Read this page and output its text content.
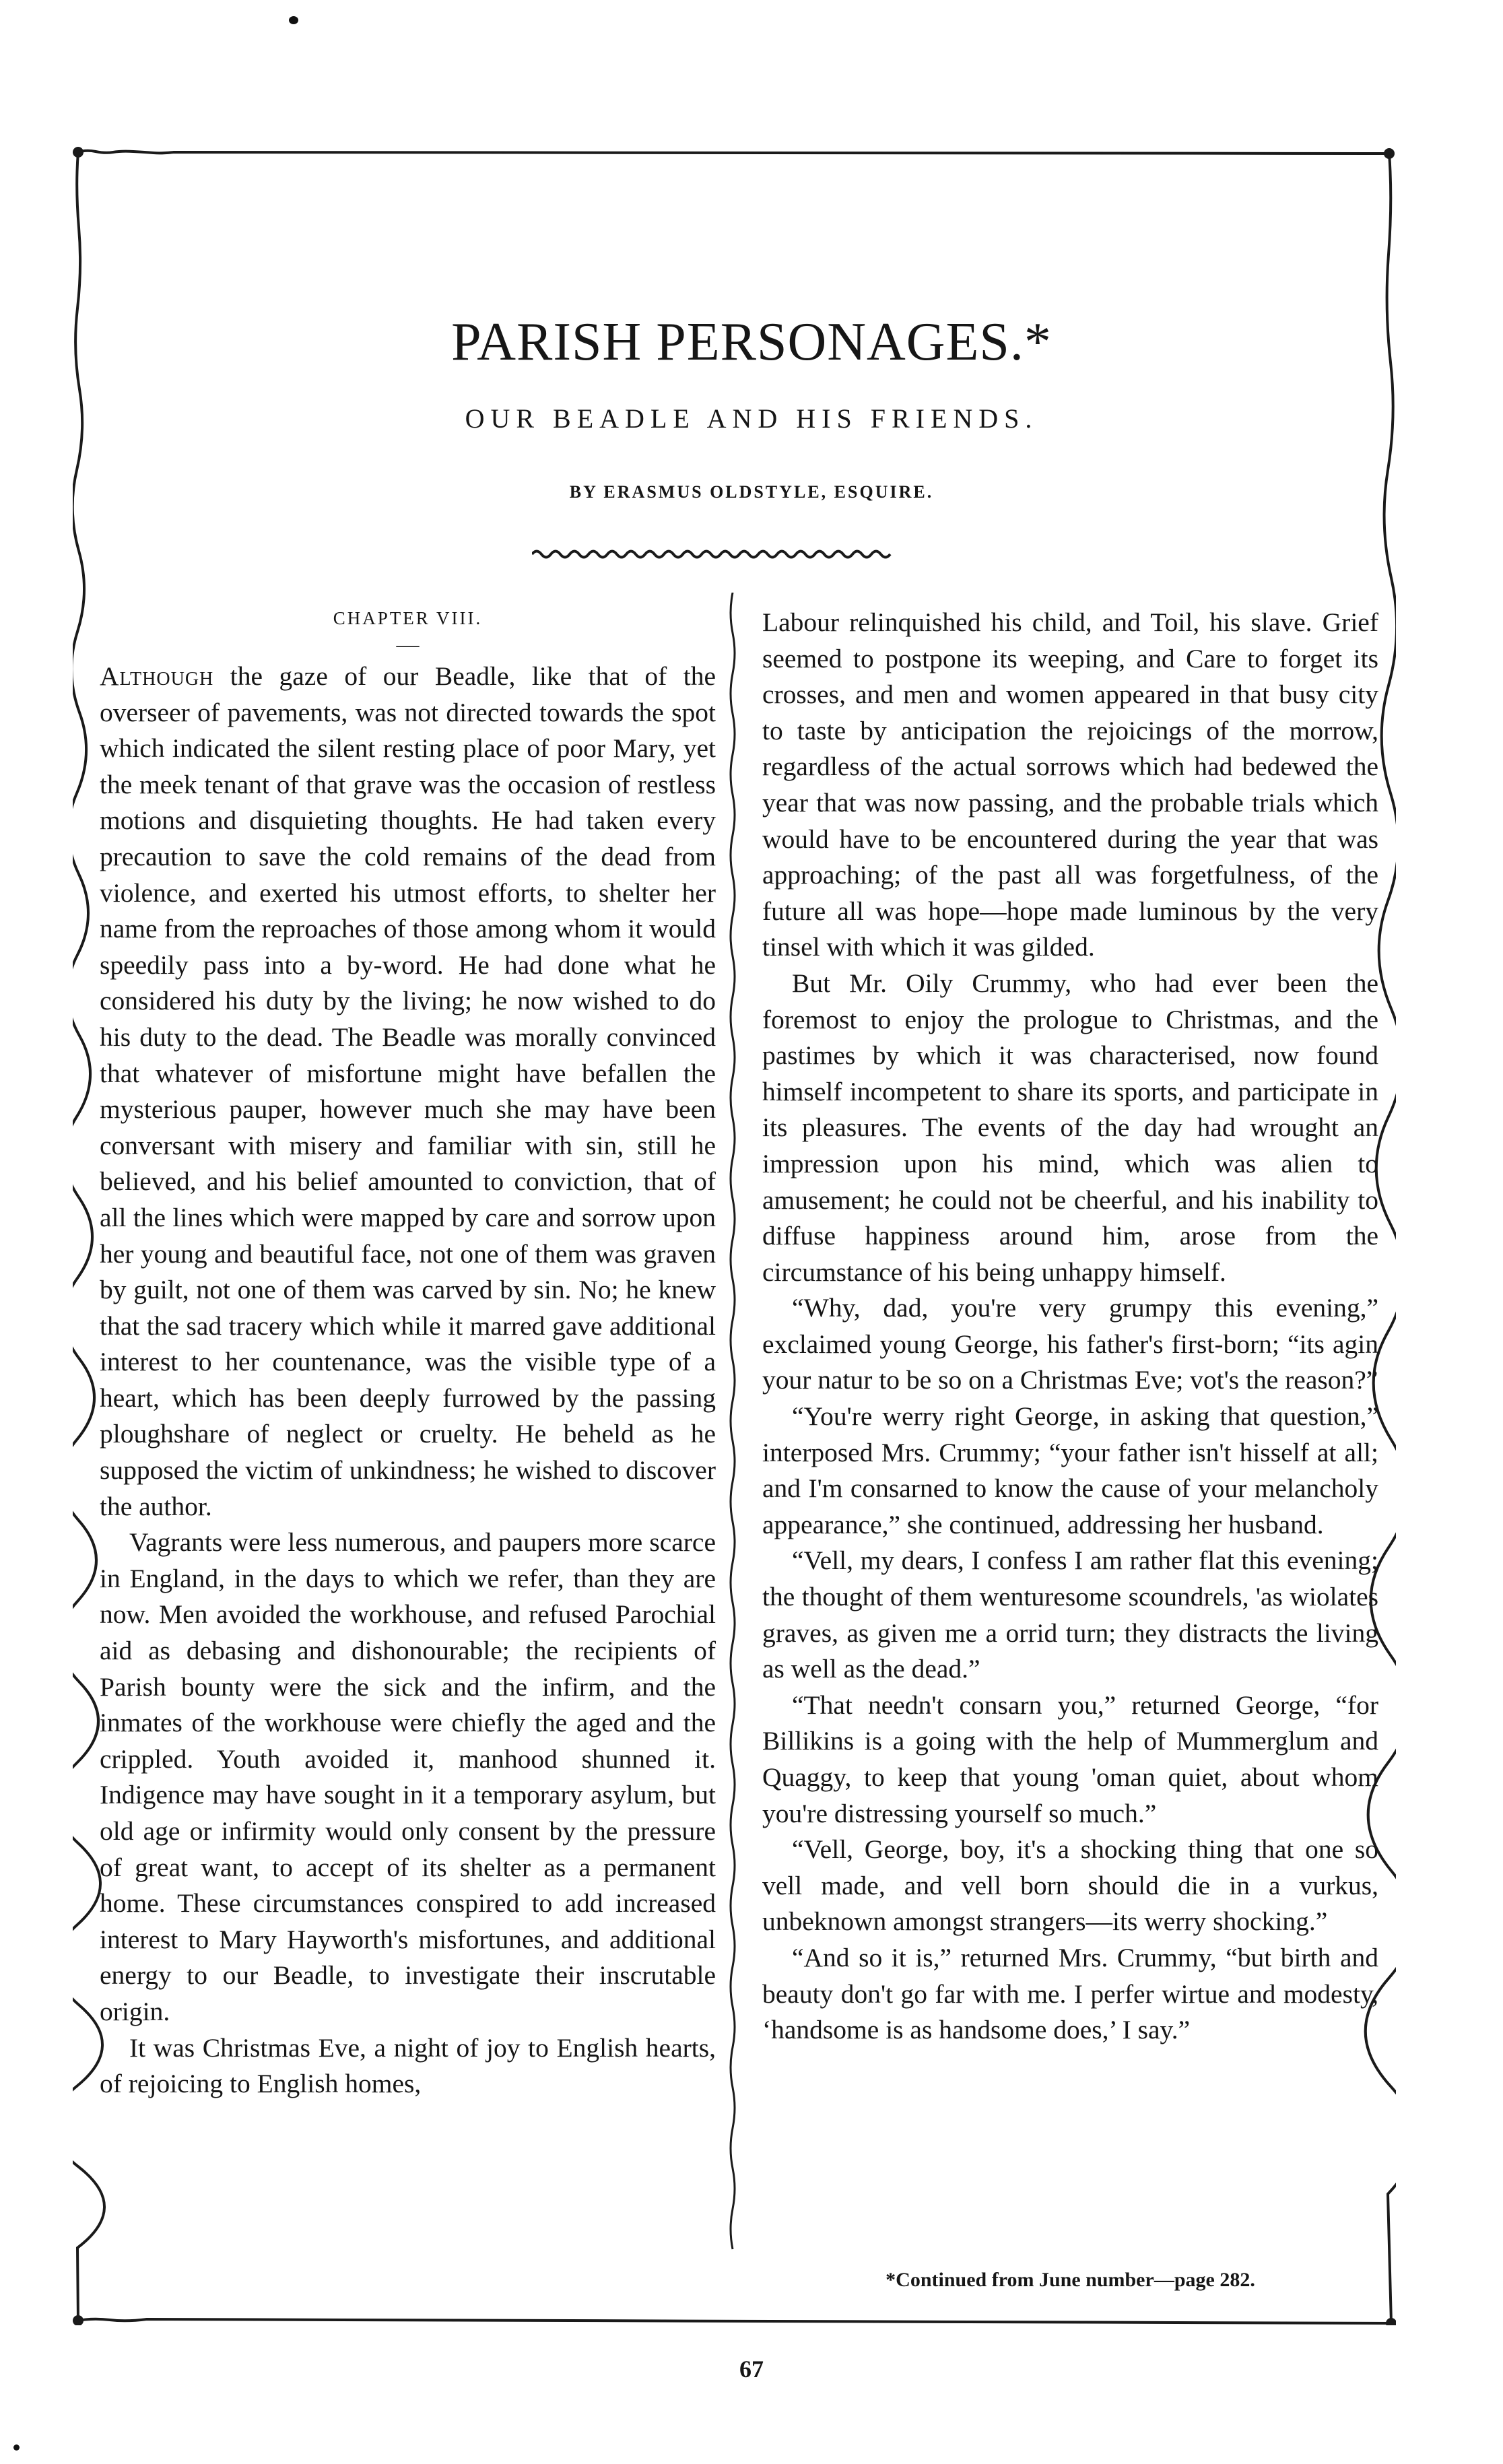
PARISH PERSONAGES.*
OUR BEADLE AND HIS FRIENDS.
BY ERASMUS OLDSTYLE, ESQUIRE.
CHAPTER VIII.
—

Although the gaze of our Beadle, like that of the overseer of pavements, was not directed towards the spot which indicated the silent resting place of poor Mary, yet the meek tenant of that grave was the occasion of restless motions and disquieting thoughts. He had taken every precaution to save the cold remains of the dead from violence, and exerted his utmost efforts, to shelter her name from the reproaches of those among whom it would speedily pass into a by-word. He had done what he considered his duty by the living; he now wished to do his duty to the dead. The Beadle was morally convinced that whatever of misfortune might have befallen the mysterious pauper, however much she may have been conversant with misery and familiar with sin, still he believed, and his belief amounted to conviction, that of all the lines which were mapped by care and sorrow upon her young and beautiful face, not one of them was graven by guilt, not one of them was carved by sin. No; he knew that the sad tracery which while it marred gave additional interest to her countenance, was the visible type of a heart, which has been deeply furrowed by the passing ploughshare of neglect or cruelty. He beheld as he supposed the victim of unkindness; he wished to discover the author.

Vagrants were less numerous, and paupers more scarce in England, in the days to which we refer, than they are now. Men avoided the workhouse, and refused Parochial aid as debasing and dishonourable; the recipients of Parish bounty were the sick and the infirm, and the inmates of the workhouse were chiefly the aged and the crippled. Youth avoided it, manhood shunned it. Indigence may have sought in it a temporary asylum, but old age or infirmity would only consent by the pressure of great want, to accept of its shelter as a permanent home. These circumstances conspired to add increased interest to Mary Hayworth's misfortunes, and additional energy to our Beadle, to investigate their inscrutable origin.

It was Christmas Eve, a night of joy to English hearts, of rejoicing to English homes,

Labour relinquished his child, and Toil, his slave. Grief seemed to postpone its weeping, and Care to forget its crosses, and men and women appeared in that busy city to taste by anticipation the rejoicings of the morrow, regardless of the actual sorrows which had bedewed the year that was now passing, and the probable trials which would have to be encountered during the year that was approaching; of the past all was forgetfulness, of the future all was hope—hope made luminous by the very tinsel with which it was gilded.

But Mr. Oily Crummy, who had ever been the foremost to enjoy the prologue to Christmas, and the pastimes by which it was characterised, now found himself incompetent to share its sports, and participate in its pleasures. The events of the day had wrought an impression upon his mind, which was alien to amusement; he could not be cheerful, and his inability to diffuse happiness around him, arose from the circumstance of his being unhappy himself.

“Why, dad, you're very grumpy this evening,” exclaimed young George, his father's first-born; “its agin your natur to be so on a Christmas Eve; vot's the reason?”

“You're werry right George, in asking that question,” interposed Mrs. Crummy; “your father isn't hisself at all; and I'm consarned to know the cause of your melancholy appearance,” she continued, addressing her husband.

“Vell, my dears, I confess I am rather flat this evening; the thought of them wenturesome scoundrels, 'as wiolates graves, as given me a orrid turn; they distracts the living as well as the dead.”

“That needn't consarn you,” returned George, “for Billikins is a going with the help of Mummerglum and Quaggy, to keep that young 'oman quiet, about whom you're distressing yourself so much.”

“Vell, George, boy, it's a shocking thing that one so vell made, and vell born should die in a vurkus, unbeknown amongst strangers—its werry shocking.”

“And so it is,” returned Mrs. Crummy, “but birth and beauty don't go far with me. I perfer wirtue and modesty, ‘handsome is as handsome does,’ I say.”

*Continued from June number—page 282.
67
